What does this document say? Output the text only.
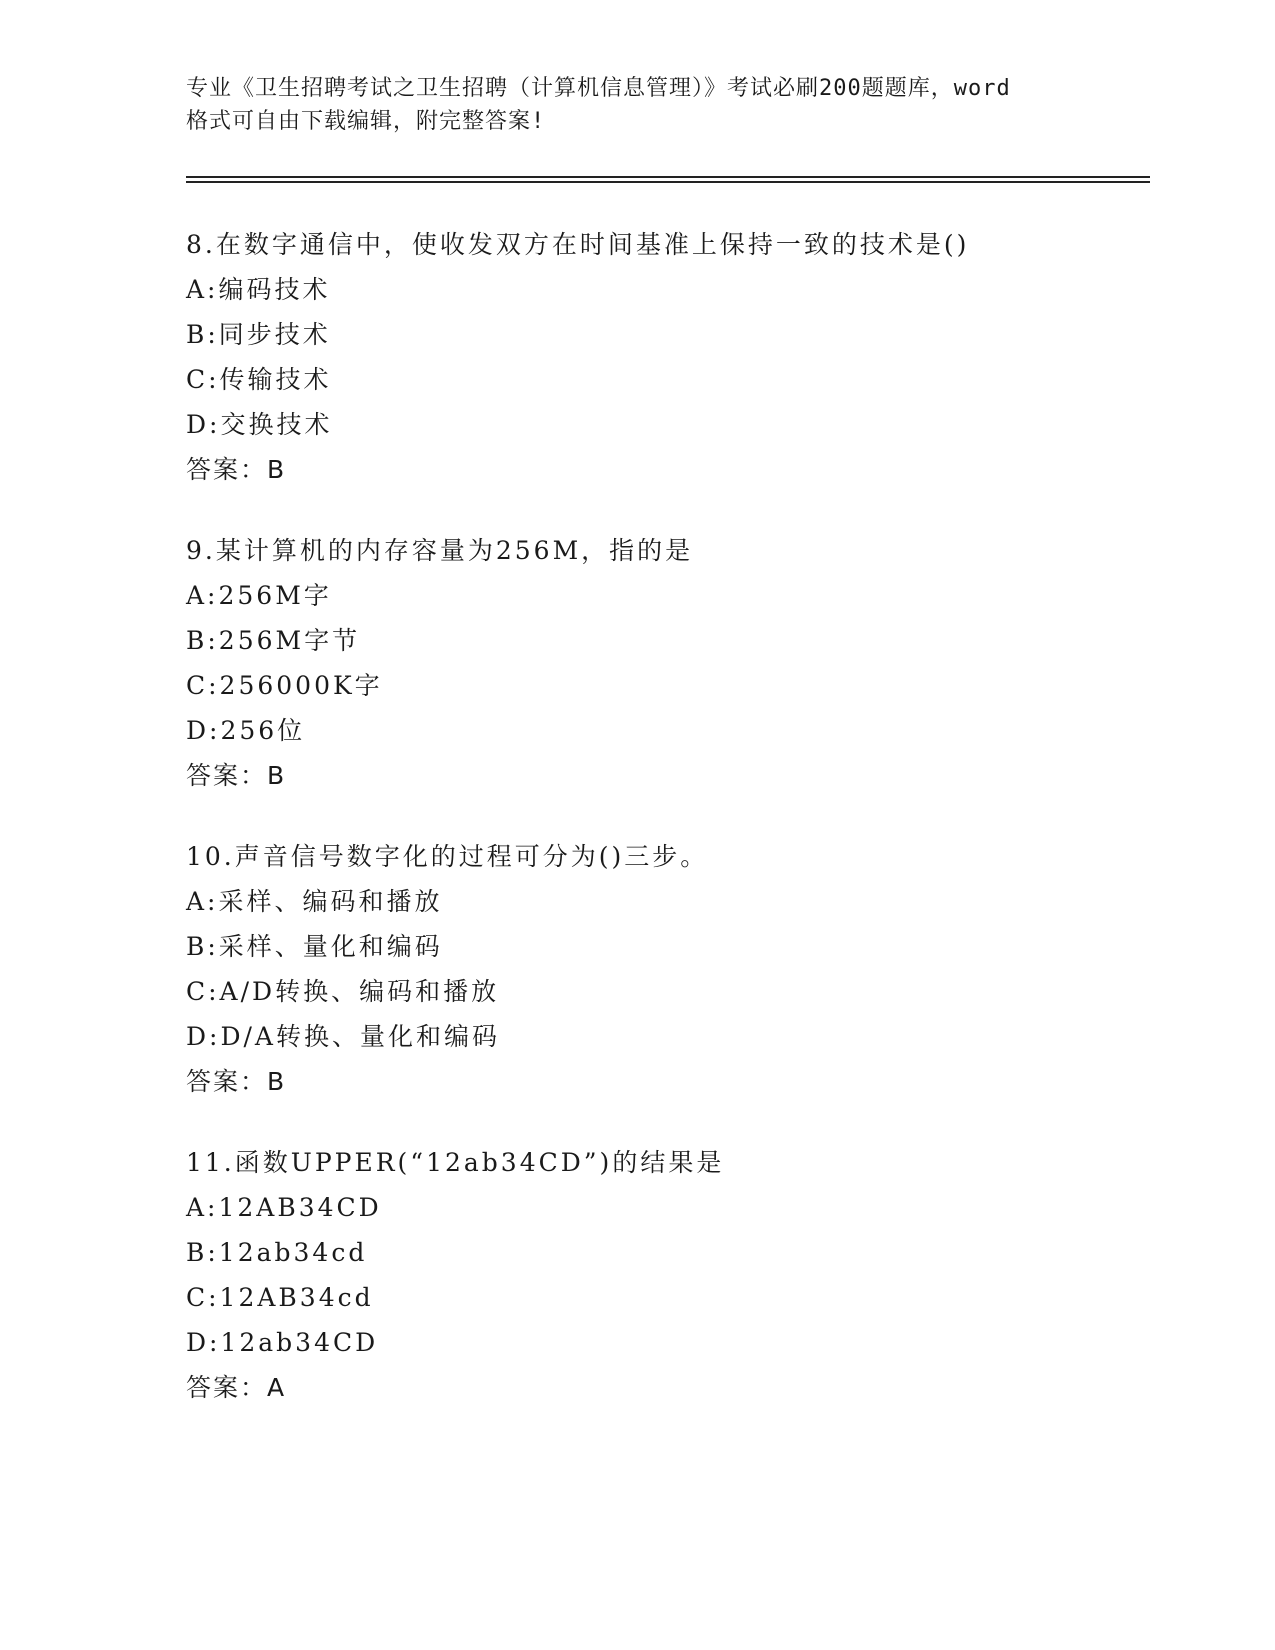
专业《卫生招聘考试之卫生招聘（计算机信息管理）》考试必刷200题题库，word
格式可自由下载编辑，附完整答案!
8.在数字通信中，使收发双方在时间基准上保持一致的技术是()
A:编码技术
B:同步技术
C:传输技术
D:交换技术
答案：B
9.某计算机的内存容量为256M，指的是
A:256M字
B:256M字节
C:256000K字
D:256位
答案：B
10.声音信号数字化的过程可分为()三步。
A:采样、编码和播放
B:采样、量化和编码
C:A/D转换、编码和播放
D:D/A转换、量化和编码
答案：B
11.函数UPPER(“12ab34CD”)的结果是
A:12AB34CD
B:12ab34cd
C:12AB34cd
D:12ab34CD
答案：A
